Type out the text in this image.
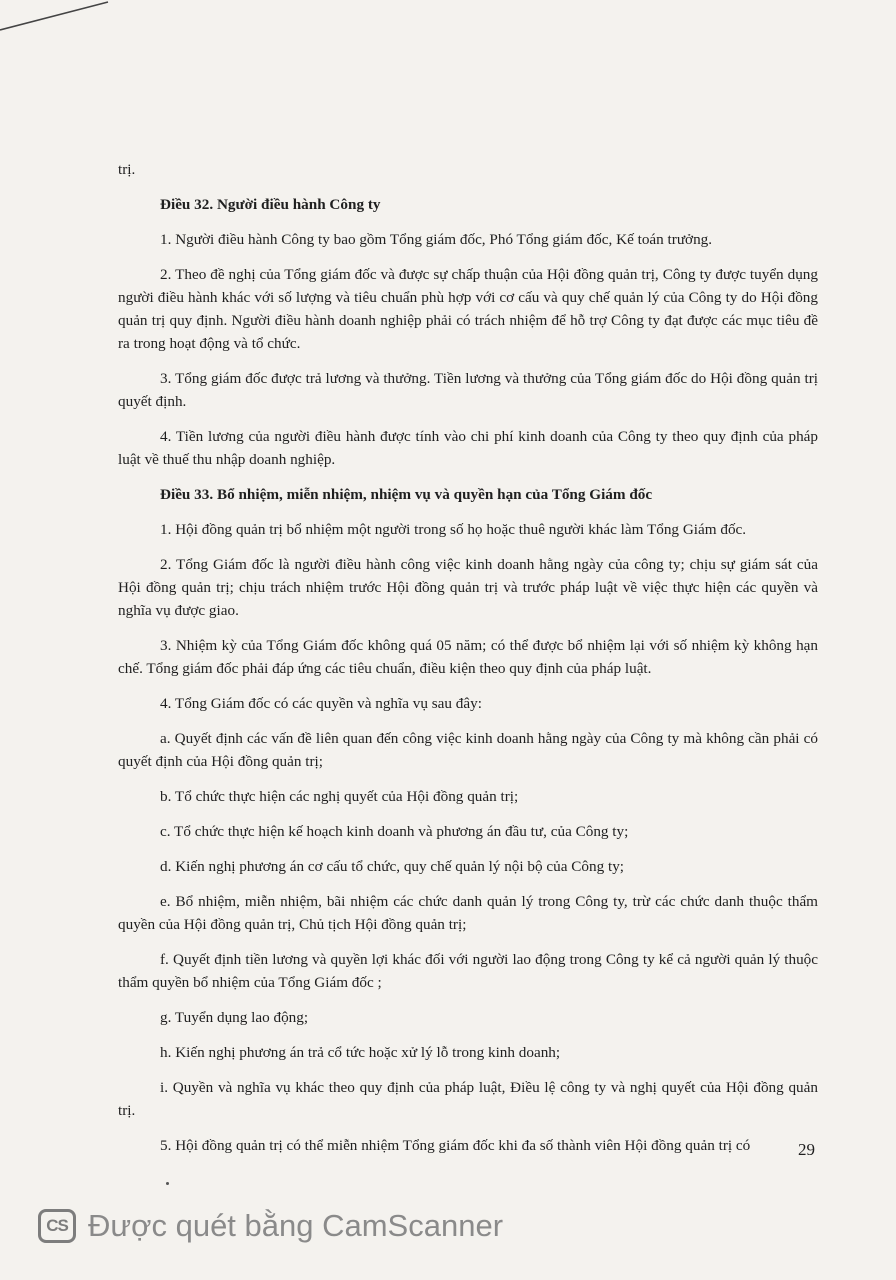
trị.

Điều 32. Người điều hành Công ty

1. Người điều hành Công ty bao gồm Tổng giám đốc, Phó Tổng giám đốc, Kế toán trưởng.

2. Theo đề nghị của Tổng giám đốc và được sự chấp thuận của Hội đồng quản trị, Công ty được tuyển dụng người điều hành khác với số lượng và tiêu chuẩn phù hợp với cơ cấu và quy chế quản lý của Công ty do Hội đồng quản trị quy định. Người điều hành doanh nghiệp phải có trách nhiệm để hỗ trợ Công ty đạt được các mục tiêu đề ra trong hoạt động và tổ chức.

3. Tổng giám đốc được trả lương và thưởng. Tiền lương và thưởng của Tổng giám đốc do Hội đồng quản trị quyết định.

4. Tiền lương của người điều hành được tính vào chi phí kinh doanh của Công ty theo quy định của pháp luật về thuế thu nhập doanh nghiệp.

Điều 33. Bổ nhiệm, miễn nhiệm, nhiệm vụ và quyền hạn của Tổng Giám đốc

1. Hội đồng quản trị bổ nhiệm một người trong số họ hoặc thuê người khác làm Tổng Giám đốc.

2. Tổng Giám đốc là người điều hành công việc kinh doanh hằng ngày của công ty; chịu sự giám sát của Hội đồng quản trị; chịu trách nhiệm trước Hội đồng quản trị và trước pháp luật về việc thực hiện các quyền và nghĩa vụ được giao.

3. Nhiệm kỳ của Tổng Giám đốc không quá 05 năm; có thể được bổ nhiệm lại với số nhiệm kỳ không hạn chế. Tổng giám đốc phải đáp ứng các tiêu chuẩn, điều kiện theo quy định của pháp luật.

4. Tổng Giám đốc có các quyền và nghĩa vụ sau đây:

a. Quyết định các vấn đề liên quan đến công việc kinh doanh hằng ngày của Công ty mà không cần phải có quyết định của Hội đồng quản trị;

b. Tổ chức thực hiện các nghị quyết của Hội đồng quản trị;

c. Tổ chức thực hiện kế hoạch kinh doanh và phương án đầu tư, của Công ty;

d. Kiến nghị phương án cơ cấu tổ chức, quy chế quản lý nội bộ của Công ty;

e. Bổ nhiệm, miễn nhiệm, bãi nhiệm các chức danh quản lý trong Công ty, trừ các chức danh thuộc thẩm quyền của Hội đồng quản trị, Chủ tịch Hội đồng quản trị;

f. Quyết định tiền lương và quyền lợi khác đối với người lao động trong Công ty kể cả người quản lý thuộc thẩm quyền bổ nhiệm của Tổng Giám đốc ;

g. Tuyển dụng lao động;

h. Kiến nghị phương án trả cổ tức hoặc xử lý lỗ trong kinh doanh;

i. Quyền và nghĩa vụ khác theo quy định của pháp luật, Điều lệ công ty và nghị quyết của Hội đồng quản trị.

5. Hội đồng quản trị có thể miễn nhiệm Tổng giám đốc khi đa số thành viên Hội đồng quản trị có	29
CS Được quét bằng CamScanner
